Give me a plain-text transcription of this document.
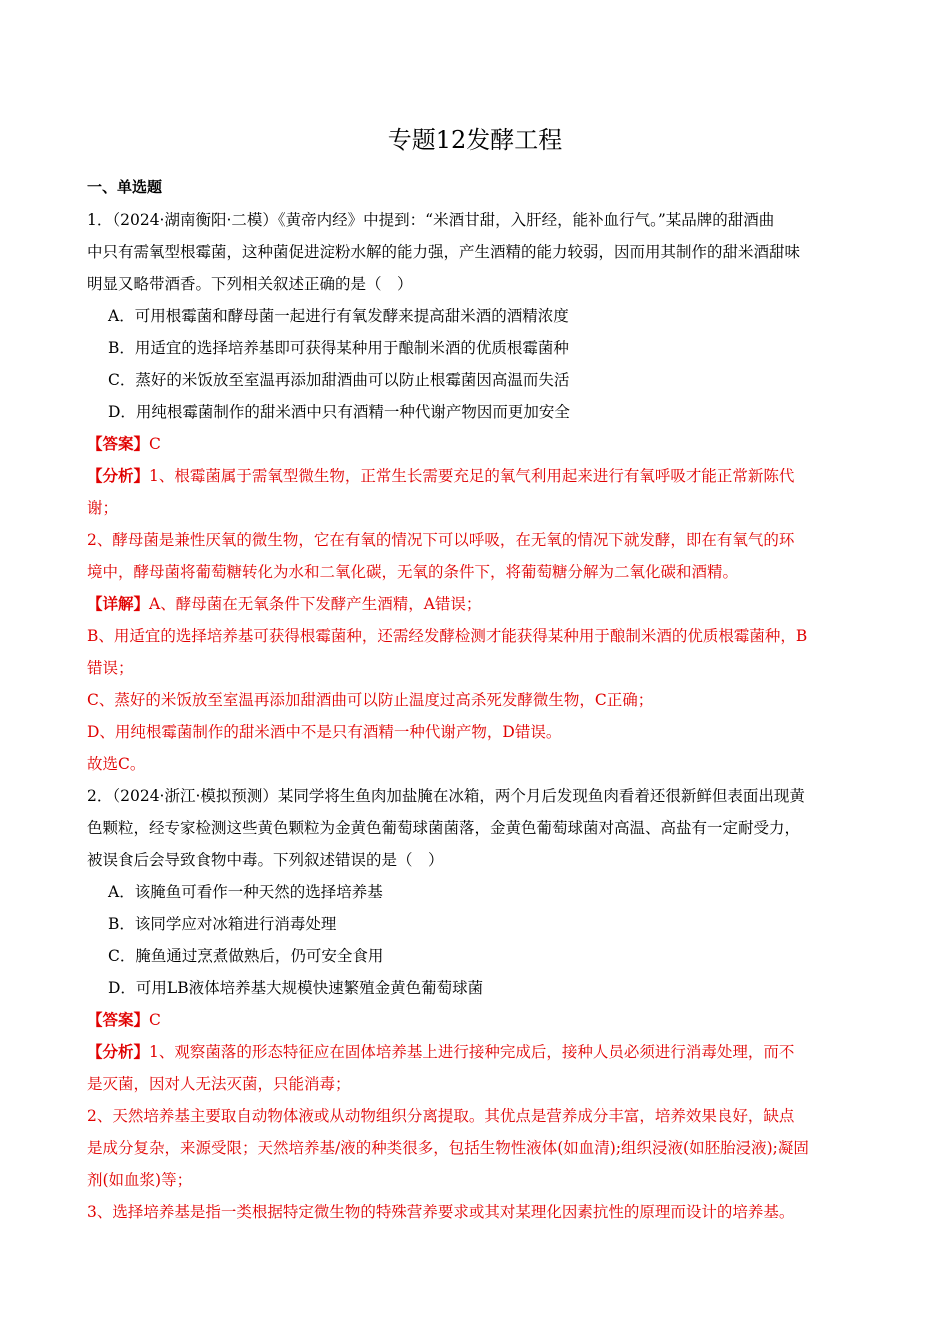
专题12发酵工程
一、单选题
1．（2024·湖南衡阳·二模）《黄帝内经》中提到：“米酒甘甜，入肝经，能补血行气。”某品牌的甜酒曲
中只有需氧型根霉菌，这种菌促进淀粉水解的能力强，产生酒精的能力较弱，因而用其制作的甜米酒甜味
明显又略带酒香。下列相关叙述正确的是（　）
A．可用根霉菌和酵母菌一起进行有氧发酵来提高甜米酒的酒精浓度
B．用适宜的选择培养基即可获得某种用于酿制米酒的优质根霉菌种
C．蒸好的米饭放至室温再添加甜酒曲可以防止根霉菌因高温而失活
D．用纯根霉菌制作的甜米酒中只有酒精一种代谢产物因而更加安全
【答案】C
【分析】1、根霉菌属于需氧型微生物，正常生长需要充足的氧气利用起来进行有氧呼吸才能正常新陈代
谢；
2、酵母菌是兼性厌氧的微生物，它在有氧的情况下可以呼吸，在无氧的情况下就发酵，即在有氧气的环
境中，酵母菌将葡萄糖转化为水和二氧化碳，无氧的条件下，将葡萄糖分解为二氧化碳和酒精。
【详解】A、酵母菌在无氧条件下发酵产生酒精，A错误；
B、用适宜的选择培养基可获得根霉菌种，还需经发酵检测才能获得某种用于酿制米酒的优质根霉菌种，B
错误；
C、蒸好的米饭放至室温再添加甜酒曲可以防止温度过高杀死发酵微生物，C正确；
D、用纯根霉菌制作的甜米酒中不是只有酒精一种代谢产物，D错误。
故选C。
2．（2024·浙江·模拟预测）某同学将生鱼肉加盐腌在冰箱，两个月后发现鱼肉看着还很新鲜但表面出现黄
色颗粒，经专家检测这些黄色颗粒为金黄色葡萄球菌菌落，金黄色葡萄球菌对高温、高盐有一定耐受力，
被误食后会导致食物中毒。下列叙述错误的是（　）
A．该腌鱼可看作一种天然的选择培养基
B．该同学应对冰箱进行消毒处理
C．腌鱼通过烹煮做熟后，仍可安全食用
D．可用LB液体培养基大规模快速繁殖金黄色葡萄球菌
【答案】C
【分析】1、观察菌落的形态特征应在固体培养基上进行接种完成后，接种人员必须进行消毒处理，而不
是灭菌，因对人无法灭菌，只能消毒；
2、天然培养基主要取自动物体液或从动物组织分离提取。其优点是营养成分丰富，培养效果良好，缺点
是成分复杂，来源受限；天然培养基/液的种类很多，包括生物性液体(如血清);组织浸液(如胚胎浸液);凝固
剂(如血浆)等；
3、选择培养基是指一类根据特定微生物的特殊营养要求或其对某理化因素抗性的原理而设计的培养基。
